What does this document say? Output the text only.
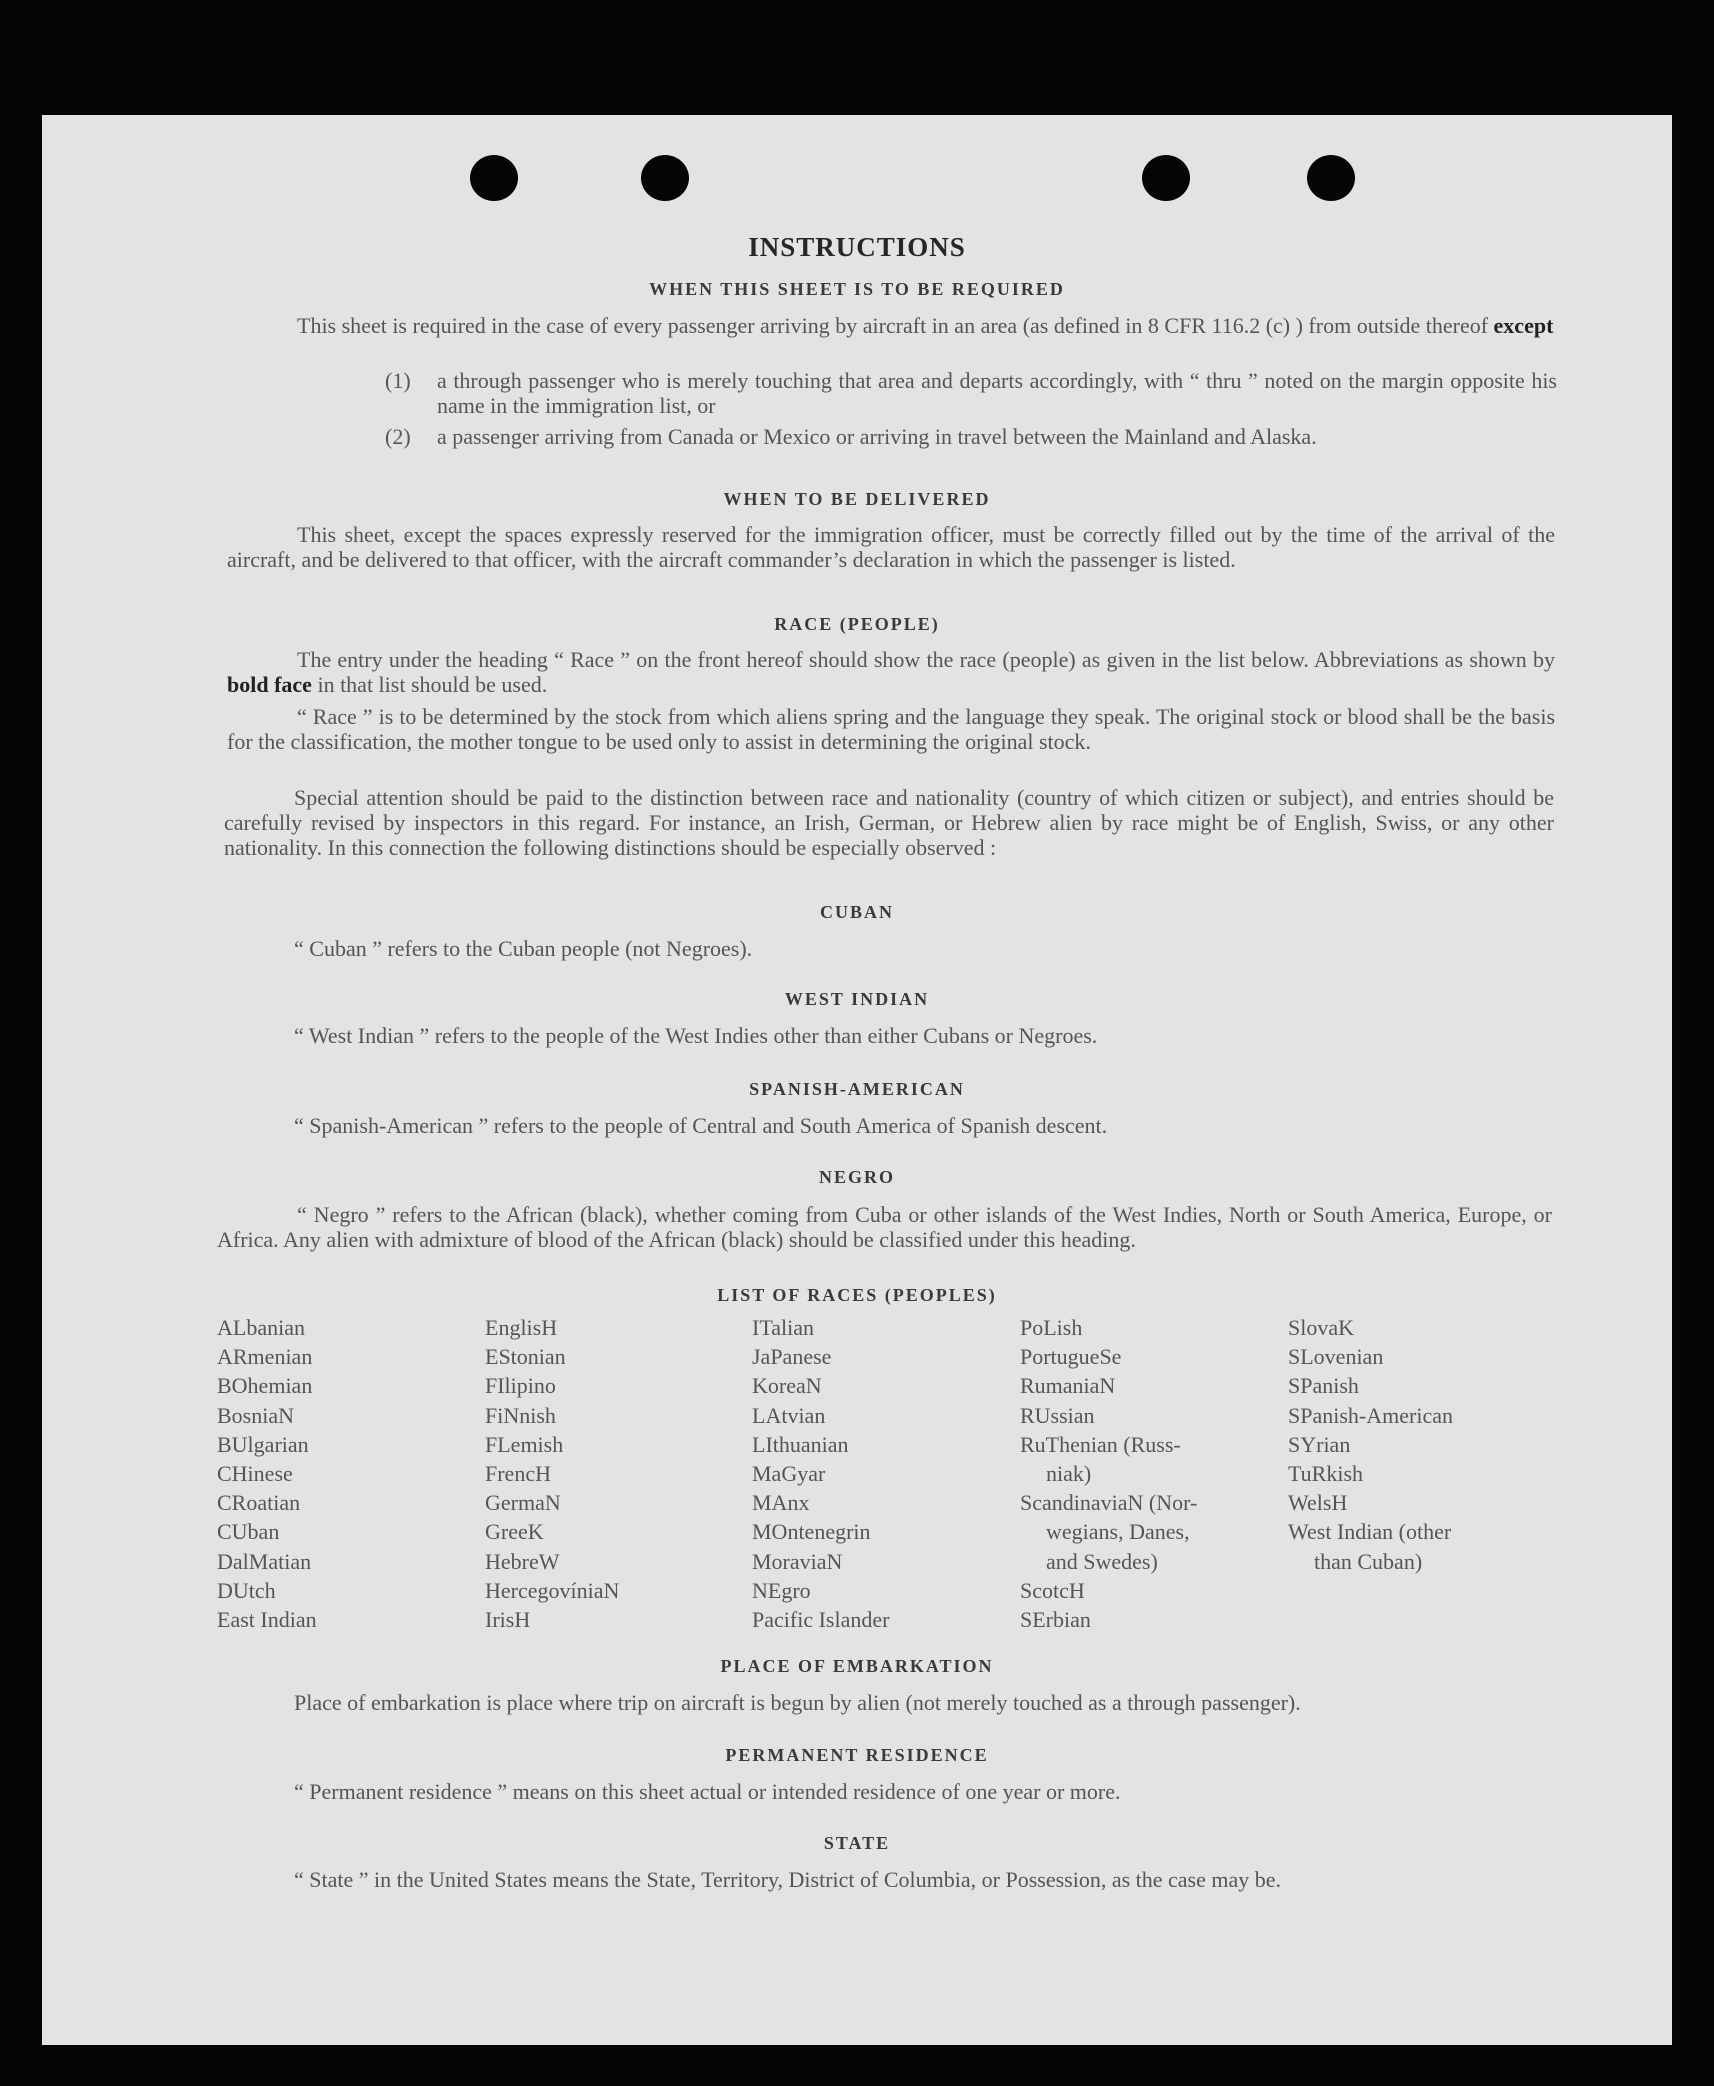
INSTRUCTIONS
WHEN THIS SHEET IS TO BE REQUIRED

This sheet is required in the case of every passenger arriving by aircraft in an area (as defined in 8 CFR 116.2 (c) ) from outside thereof except

(1) a through passenger who is merely touching that area and departs accordingly, with “ thru ” noted on the margin opposite his name in the immigration list, or
(2) a passenger arriving from Canada or Mexico or arriving in travel between the Mainland and Alaska.
WHEN TO BE DELIVERED

This sheet, except the spaces expressly reserved for the immigration officer, must be correctly filled out by the time of the arrival of the aircraft, and be delivered to that officer, with the aircraft commander’s declaration in which the passenger is listed.

RACE (PEOPLE)

The entry under the heading “ Race ” on the front hereof should show the race (people) as given in the list below. Abbreviations as shown by bold face in that list should be used.

“ Race ” is to be determined by the stock from which aliens spring and the language they speak. The original stock or blood shall be the basis for the classification, the mother tongue to be used only to assist in determining the original stock.

Special attention should be paid to the distinction between race and nationality (country of which citizen or subject), and entries should be carefully revised by inspectors in this regard. For instance, an Irish, German, or Hebrew alien by race might be of English, Swiss, or any other nationality. In this connection the following distinctions should be especially observed :

CUBAN

“ Cuban ” refers to the Cuban people (not Negroes).

WEST INDIAN

“ West Indian ” refers to the people of the West Indies other than either Cubans or Negroes.

SPANISH-AMERICAN

“ Spanish-American ” refers to the people of Central and South America of Spanish descent.

NEGRO

“ Negro ” refers to the African (black), whether coming from Cuba or other islands of the West Indies, North or South America, Europe, or Africa. Any alien with admixture of blood of the African (black) should be classified under this heading.

LIST OF RACES (PEOPLES)
ALbanian
ARmenian
BOhemian
BosniaN
BUlgarian
CHinese
CRoatian
CUban
DalMatian
DUtch
East Indian
EnglisH
EStonian
FIlipino
FiNnish
FLemish
FrencH
GermaN
GreeK
HebreW
HercegovíniaN
IrisH
ITalian
JaPanese
KoreaN
LAtvian
LIthuanian
MaGyar
MAnx
MOntenegrin
MoraviaN
NEgro
Pacific Islander
PoLish
PortugueSe
RumaniaN
RUssian
RuThenian (Russ-
niak)
ScandinaviaN (Nor-
wegians, Danes,
and Swedes)
ScotcH
SErbian
SlovaK
SLovenian
SPanish
SPanish-American
SYrian
TuRkish
WelsH
West Indian (other
than Cuban)
PLACE OF EMBARKATION

Place of embarkation is place where trip on aircraft is begun by alien (not merely touched as a through passenger).

PERMANENT RESIDENCE

“ Permanent residence ” means on this sheet actual or intended residence of one year or more.

STATE

“ State ” in the United States means the State, Territory, District of Columbia, or Possession, as the case may be.
